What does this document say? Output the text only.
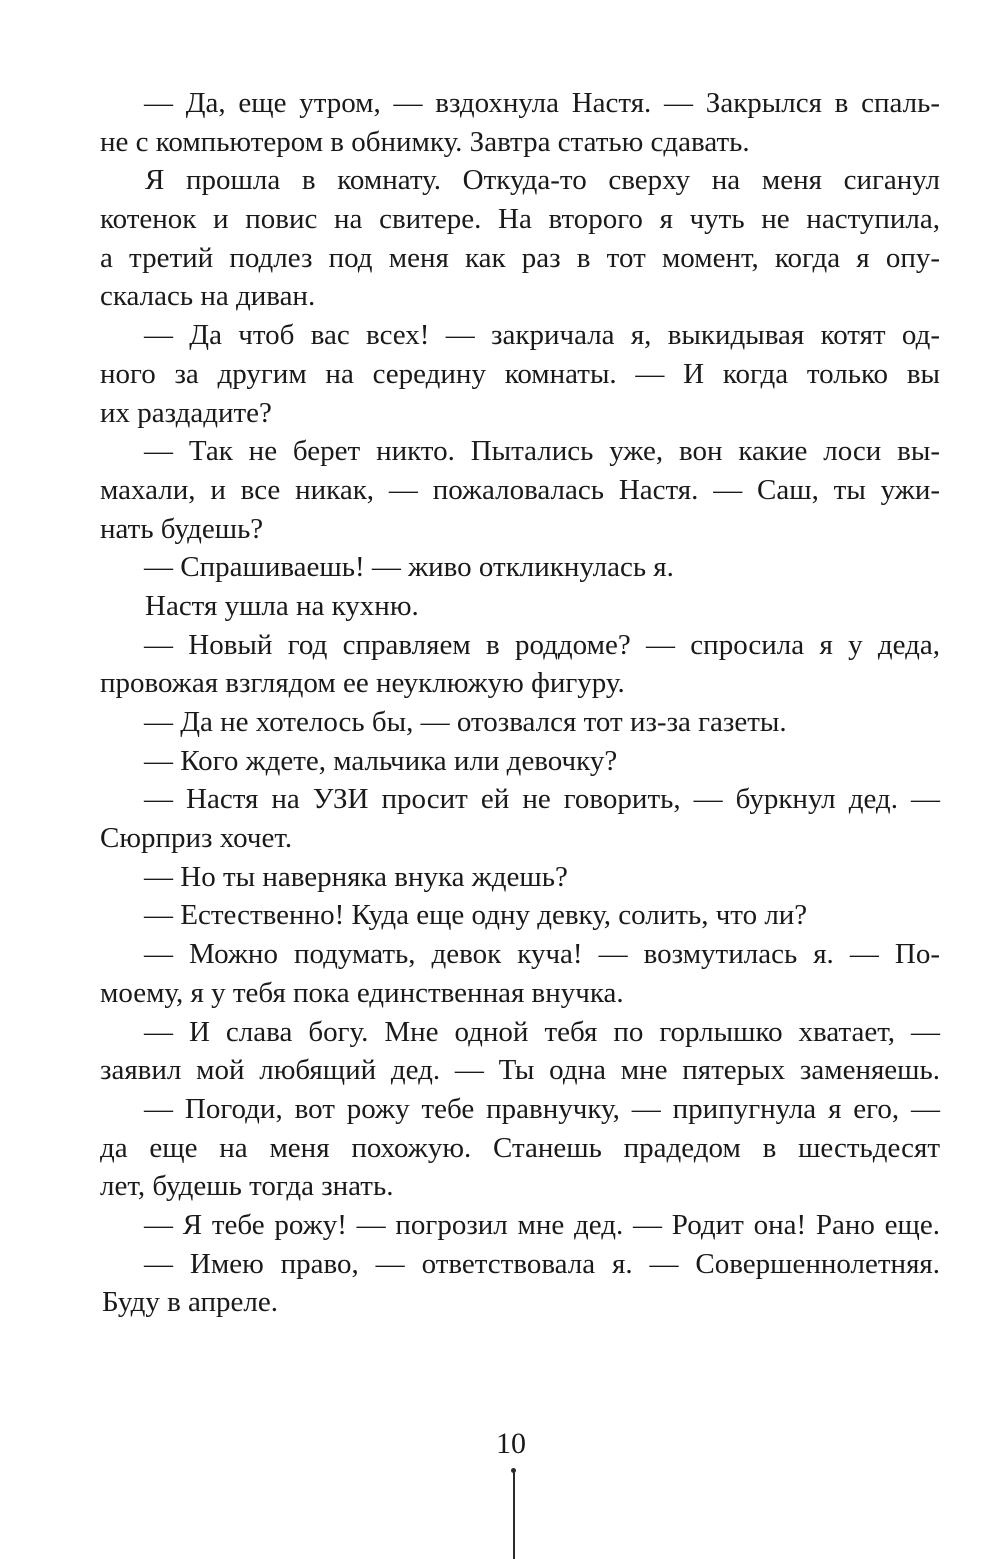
— Да, еще утром, — вздохнула Настя. — Закрылся в спаль-
не с компьютером в обнимку. Завтра статью сдавать.
Я прошла в комнату. Откуда-то сверху на меня сиганул
котенок и повис на свитере. На второго я чуть не наступила,
а третий подлез под меня как раз в тот момент, когда я опу-
скалась на диван.
— Да чтоб вас всех! — закричала я, выкидывая котят од-
ного за другим на середину комнаты. — И когда только вы
их раздадите?
— Так не берет никто. Пытались уже, вон какие лоси вы-
махали, и все никак, — пожаловалась Настя. — Саш, ты ужи-
нать будешь?
— Спрашиваешь! — живо откликнулась я.
Настя ушла на кухню.
— Новый год справляем в роддоме? — спросила я у деда,
провожая взглядом ее неуклюжую фигуру.
— Да не хотелось бы, — отозвался тот из-за газеты.
— Кого ждете, мальчика или девочку?
— Настя на УЗИ просит ей не говорить, — буркнул дед. —
Сюрприз хочет.
— Но ты наверняка внука ждешь?
— Естественно! Куда еще одну девку, солить, что ли?
— Можно подумать, девок куча! — возмутилась я. — По-
моему, я у тебя пока единственная внучка.
— И слава богу. Мне одной тебя по горлышко хватает, —
заявил мой любящий дед. — Ты одна мне пятерых заменяешь.
— Погоди, вот рожу тебе правнучку, — припугнула я его, —
да еще на меня похожую. Станешь прадедом в шестьдесят
лет, будешь тогда знать.
— Я тебе рожу! — погрозил мне дед. — Родит она! Рано еще.
— Имею право, — ответствовала я. — Совершеннолетняя.
Буду в апреле.
10
